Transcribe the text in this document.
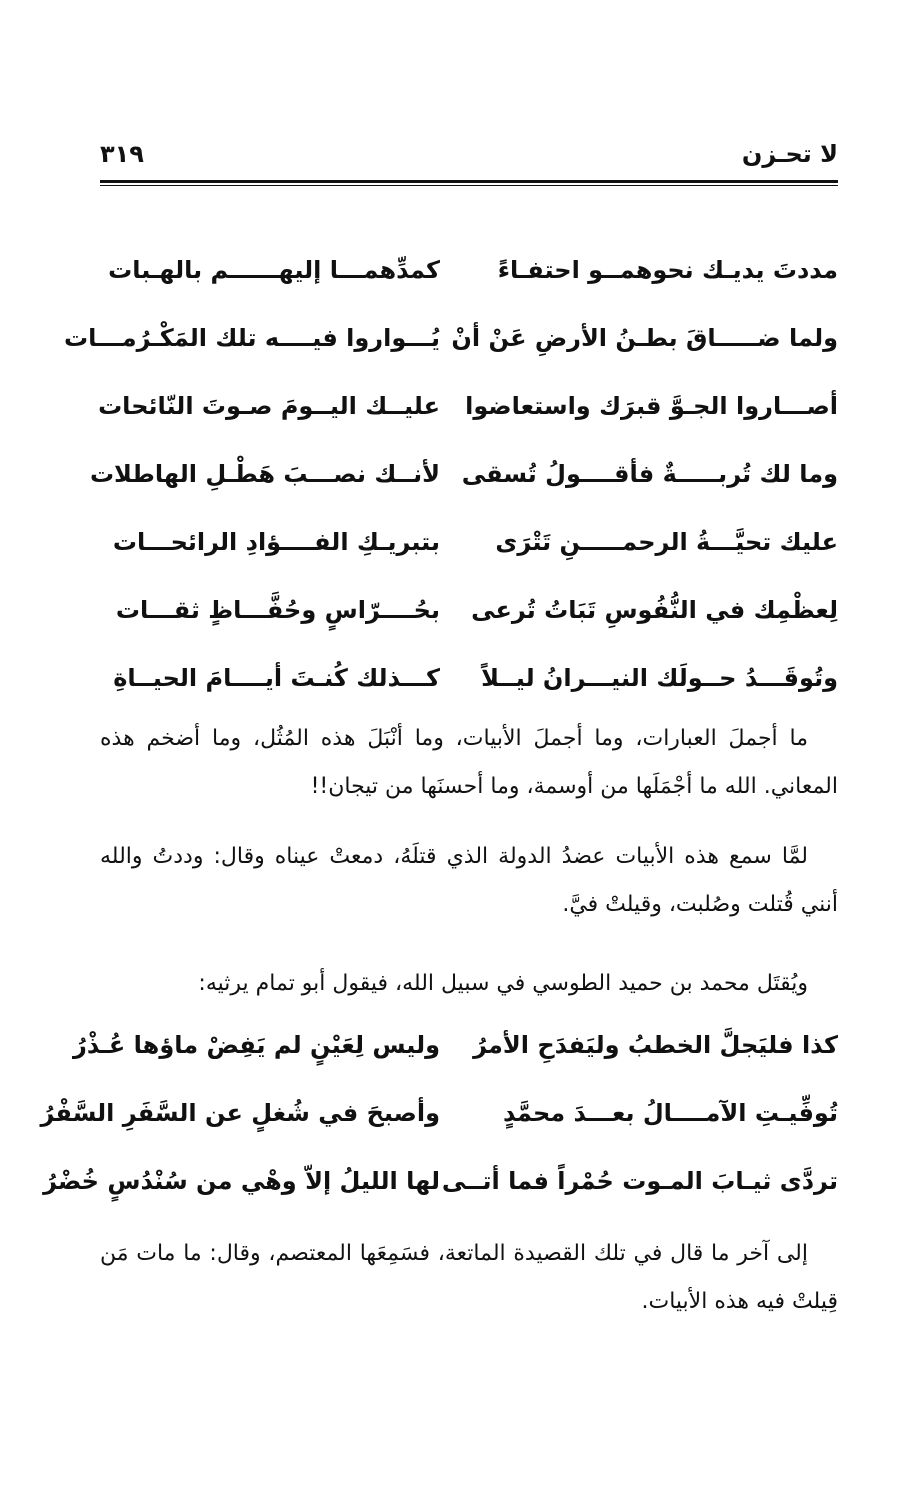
لا تحـزن
٣١٩
مددتَ يديـك نحوهمــو احتفـاءً
كمدِّهمـــا إليهــــــم بالهـبات
ولما ضـــــاقَ بطـنُ الأرضِ عَنْ أنْ
يُـــواروا فيــــه تلك المَكْـرُمـــات
أصـــاروا الجـوَّ قبرَك واستعاضوا
عليــك اليــومَ صـوتَ النّائحات
وما لك تُربـــــةٌ فأقــــولُ تُسقى
لأنــك نصـــبَ هَطْـلِ الهاطلات
عليك تحيَّـــةُ الرحمـــــنِ تَتْرَى
بتبريـكِ الفــــؤادِ الرائحـــات
لِعظْمِك في النُّفُوسِ تَبَاتُ تُرعى
بحُــــرّاسٍ وحُفَّـــاظٍ ثقـــات
وتُوقَـــدُ حــولَك النيـــرانُ ليــلاً
كـــذلك كُنـتَ أيــــامَ الحيــاةِ
ما أجملَ العبارات، وما أجملَ الأبيات، وما أنْبَلَ هذه المُثُل، وما أضخم هذه المعاني. الله ما أجْمَلَها من أوسمة، وما أحسنَها من تيجان!!
لمَّا سمع هذه الأبيات عضدُ الدولة الذي قتلَهُ، دمعتْ عيناه وقال: وددتُ والله أنني قُتلت وصُلبت، وقيلتْ فيَّ.
ويُقتَل محمد بن حميد الطوسي في سبيل الله، فيقول أبو تمام يرثيه:
كذا فليَجلَّ الخطبُ وليَفدَحِ الأمرُ
وليس لِعَيْنٍ لم يَفِضْ ماؤها عُـذْرُ
تُوفِّيـتِ الآمــــالُ بعـــدَ محمَّدٍ
وأصبحَ في شُغلٍ عن السَّفَرِ السَّفْرُ
تردَّى ثيـابَ المـوت حُمْراً فما أتــى
لها الليلُ إلاّ وهْي من سُنْدُسٍ خُضْرُ
إلى آخر ما قال في تلك القصيدة الماتعة، فسَمِعَها المعتصم، وقال: ما مات مَن قِيلتْ فيه هذه الأبيات.
